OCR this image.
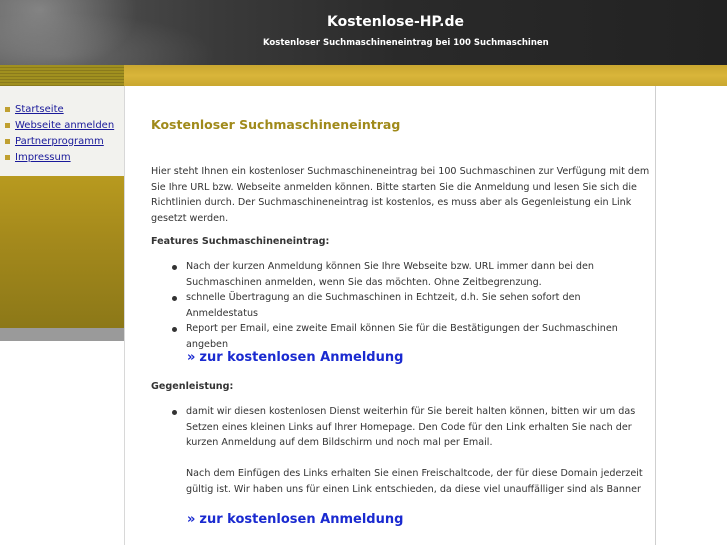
Kostenlose-HP.de
Kostenloser Suchmaschineneintrag bei 100 Suchmaschinen
Startseite
Webseite anmelden
Partnerprogramm
Impressum
Kostenloser Suchmaschineneintrag

Hier steht Ihnen ein kostenloser Suchmaschineneintrag bei 100 Suchmaschinen zur Verfügung mit dem Sie Ihre URL bzw. Webseite anmelden können. Bitte starten Sie die Anmeldung und lesen Sie sich die Richtlinien durch. Der Suchmaschineneintrag ist kostenlos, es muss aber als Gegenleistung ein Link gesetzt werden.

Features Suchmaschineneintrag:
Nach der kurzen Anmeldung können Sie Ihre Webseite bzw. URL immer dann bei den Suchmaschinen anmelden, wenn Sie das möchten. Ohne Zeitbegrenzung.
schnelle Übertragung an die Suchmaschinen in Echtzeit, d.h. Sie sehen sofort den Anmeldestatus
Report per Email, eine zweite Email können Sie für die Bestätigungen der Suchmaschinen angeben
» zur kostenlosen Anmeldung
Gegenleistung:
damit wir diesen kostenlosen Dienst weiterhin für Sie bereit halten können, bitten wir um das Setzen eines kleinen Links auf Ihrer Homepage. Den Code für den Link erhalten Sie nach der kurzen Anmeldung auf dem Bildschirm und noch mal per Email.
Nach dem Einfügen des Links erhalten Sie einen Freischaltcode, der für diese Domain jederzeit gültig ist. Wir haben uns für einen Link entschieden, da diese viel unauffälliger sind als Banner
» zur kostenlosen Anmeldung
